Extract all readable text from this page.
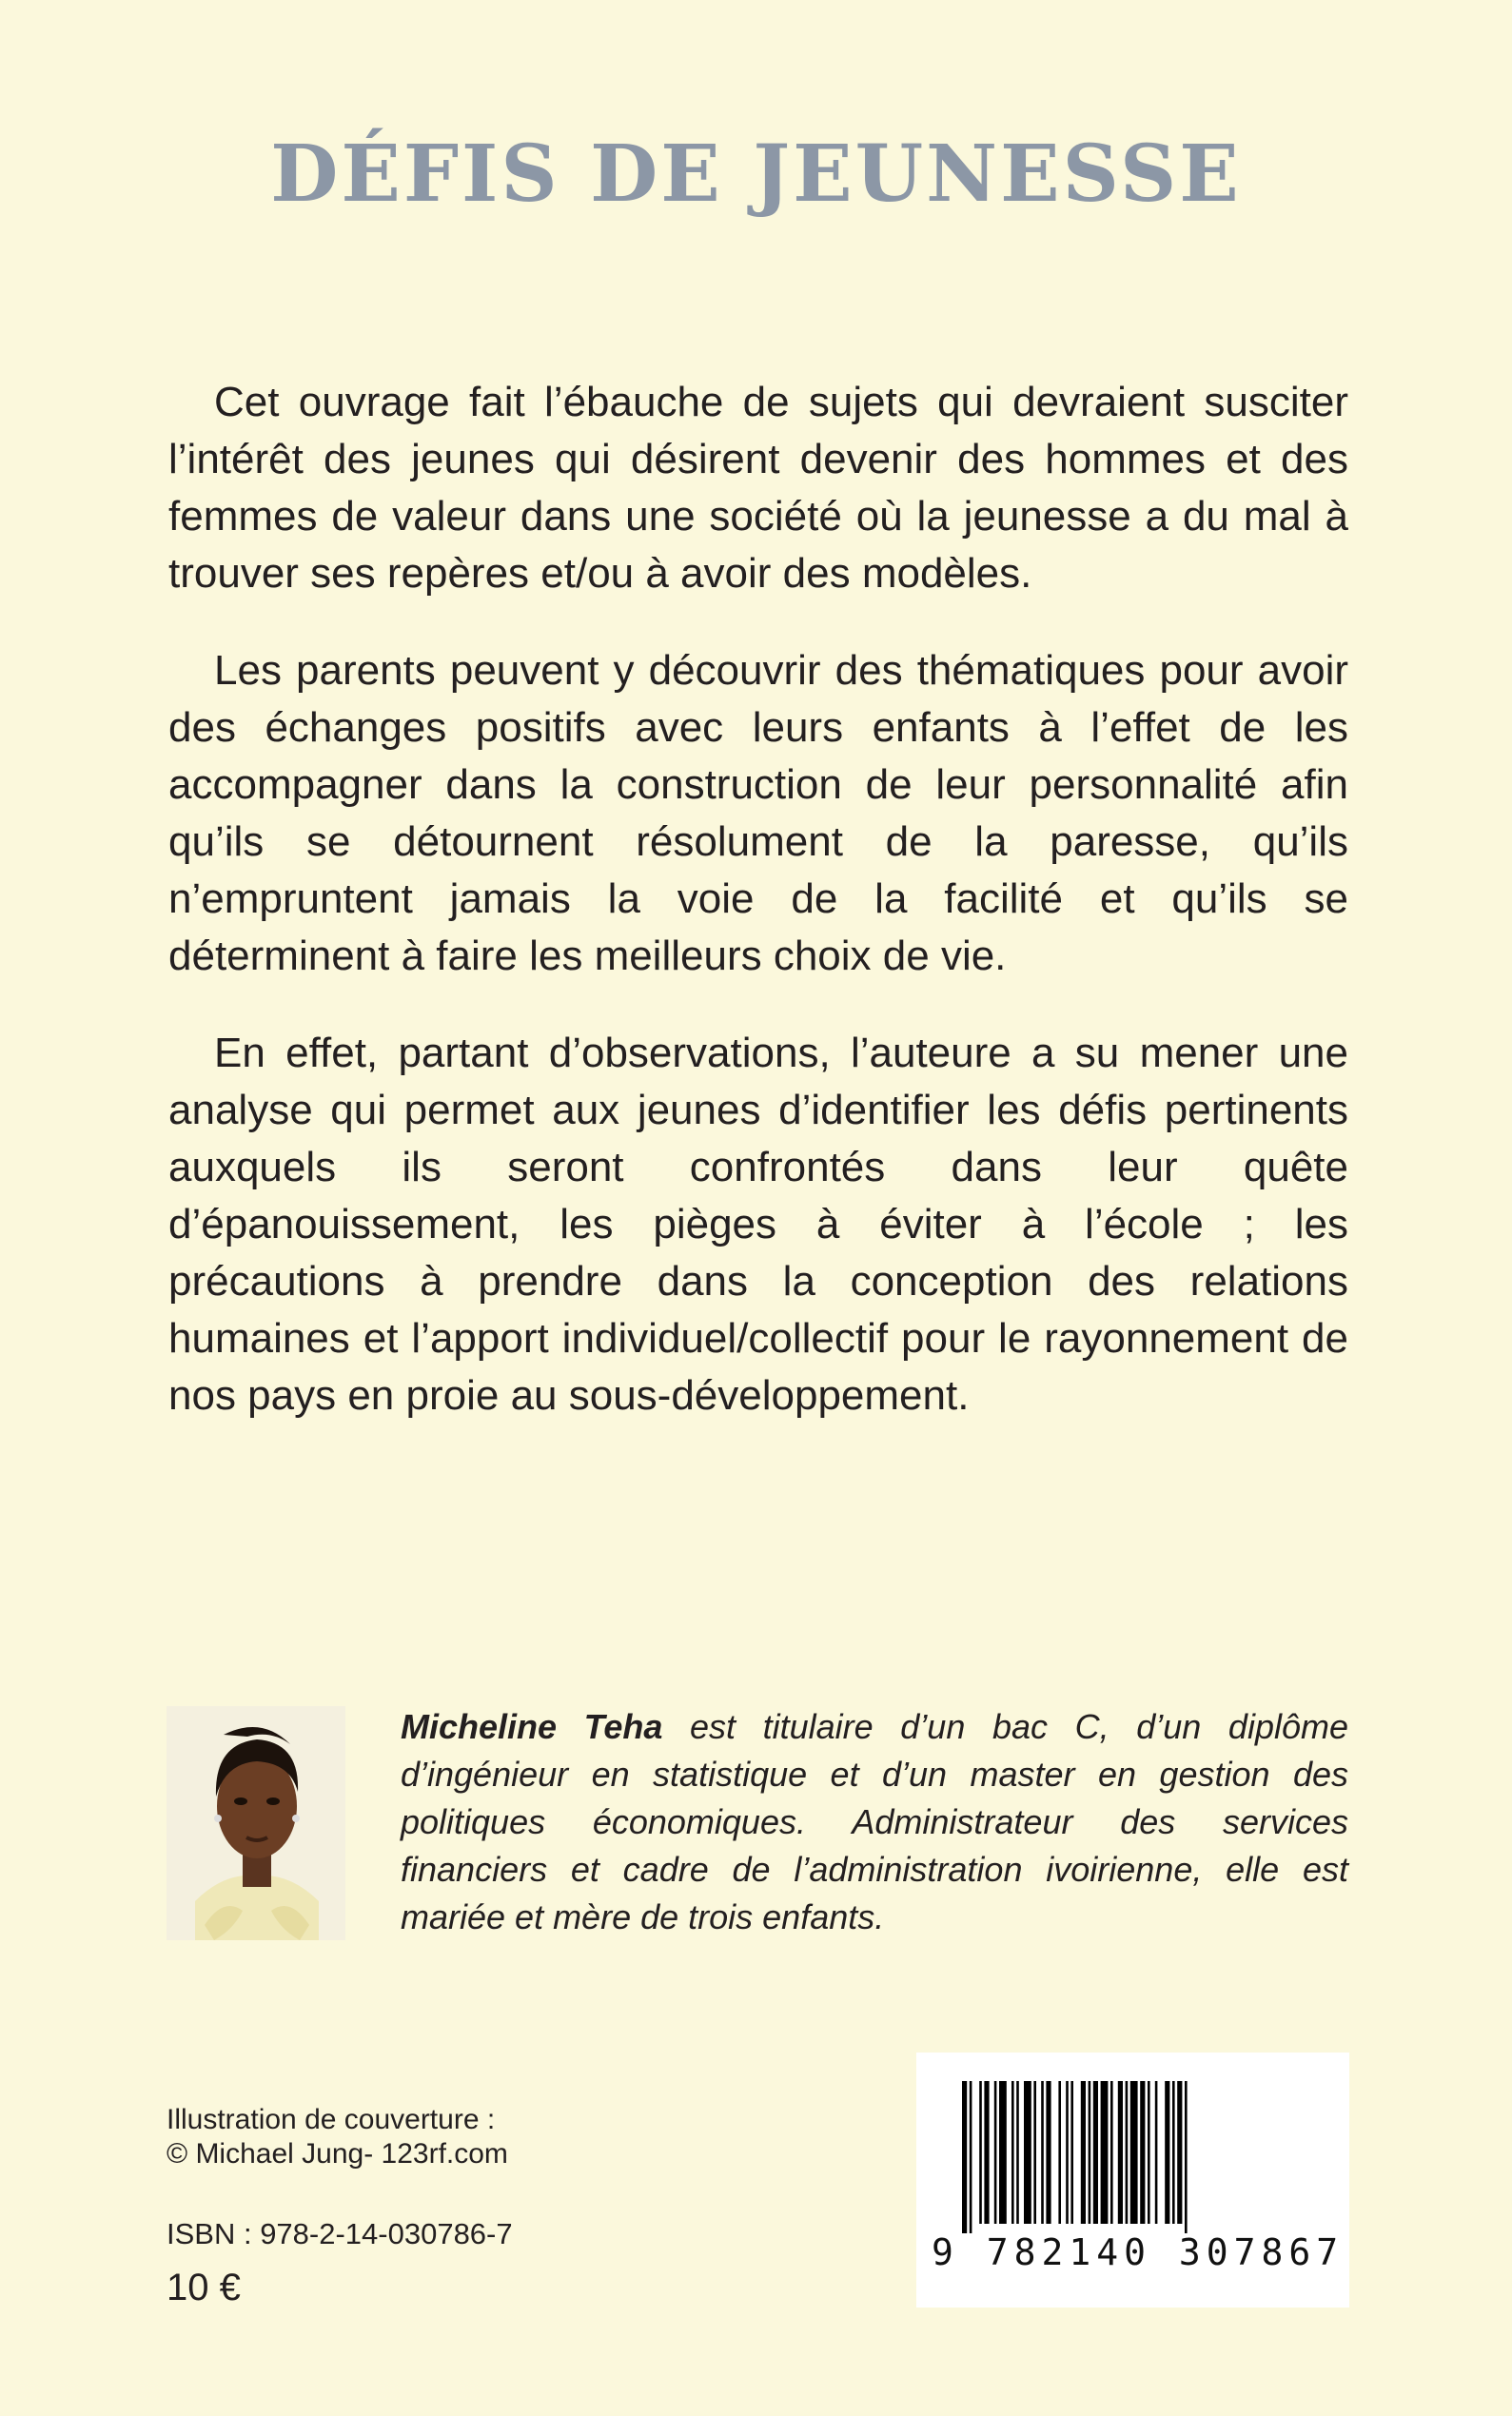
DÉFIS DE JEUNESSE

Cet ouvrage fait l’ébauche de sujets qui devraient susciter l’intérêt des jeunes qui désirent devenir des hommes et des femmes de valeur dans une société où la jeunesse a du mal à trouver ses repères et/ou à avoir des modèles.

Les parents peuvent y découvrir des thématiques pour avoir des échanges positifs avec leurs enfants à l’effet de les accompagner dans la construction de leur personnalité afin qu’ils se détournent résolument de la paresse, qu’ils n’empruntent jamais la voie de la facilité et qu’ils se déterminent à faire les meilleurs choix de vie.

En effet, partant d’observations, l’auteure a su mener une analyse qui permet aux jeunes d’identifier les défis pertinents auxquels ils seront confrontés dans leur quête d’épanouissement, les pièges à éviter à l’école ; les précautions à prendre dans la conception des relations humaines et l’apport individuel/collectif pour le rayonnement de nos pays en proie au sous-développement.

Micheline Teha est titulaire d’un bac C, d’un diplôme d’ingénieur en statistique et d’un master en gestion des politiques économiques. Administrateur des services financiers et cadre de l’administration ivoirienne, elle est mariée et mère de trois enfants.

Illustration de couverture :
© Michael Jung- 123rf.com
ISBN : 978-2-14-030786-7
10 €
9 782140 307867
